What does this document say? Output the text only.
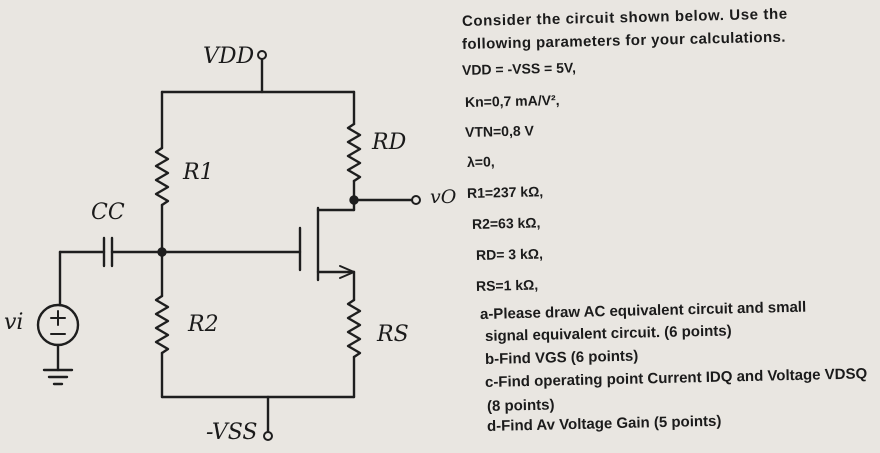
VDD
-VSS
R1
R2
RD
RS
CC
vi
vO
Consider the circuit shown below. Use the
following parameters for your calculations.
VDD = -VSS = 5V,
Kn=0,7 mA/V²,
VTN=0,8 V
λ=0,
R1=237 kΩ,
R2=63 kΩ,
RD= 3 kΩ,
RS=1 kΩ,
a-Please draw AC equivalent circuit and small
signal equivalent circuit. (6 points)
b-Find VGS (6 points)
c-Find operating point Current IDQ and Voltage VDSQ
(8 points)
d-Find Av Voltage Gain (5 points)
